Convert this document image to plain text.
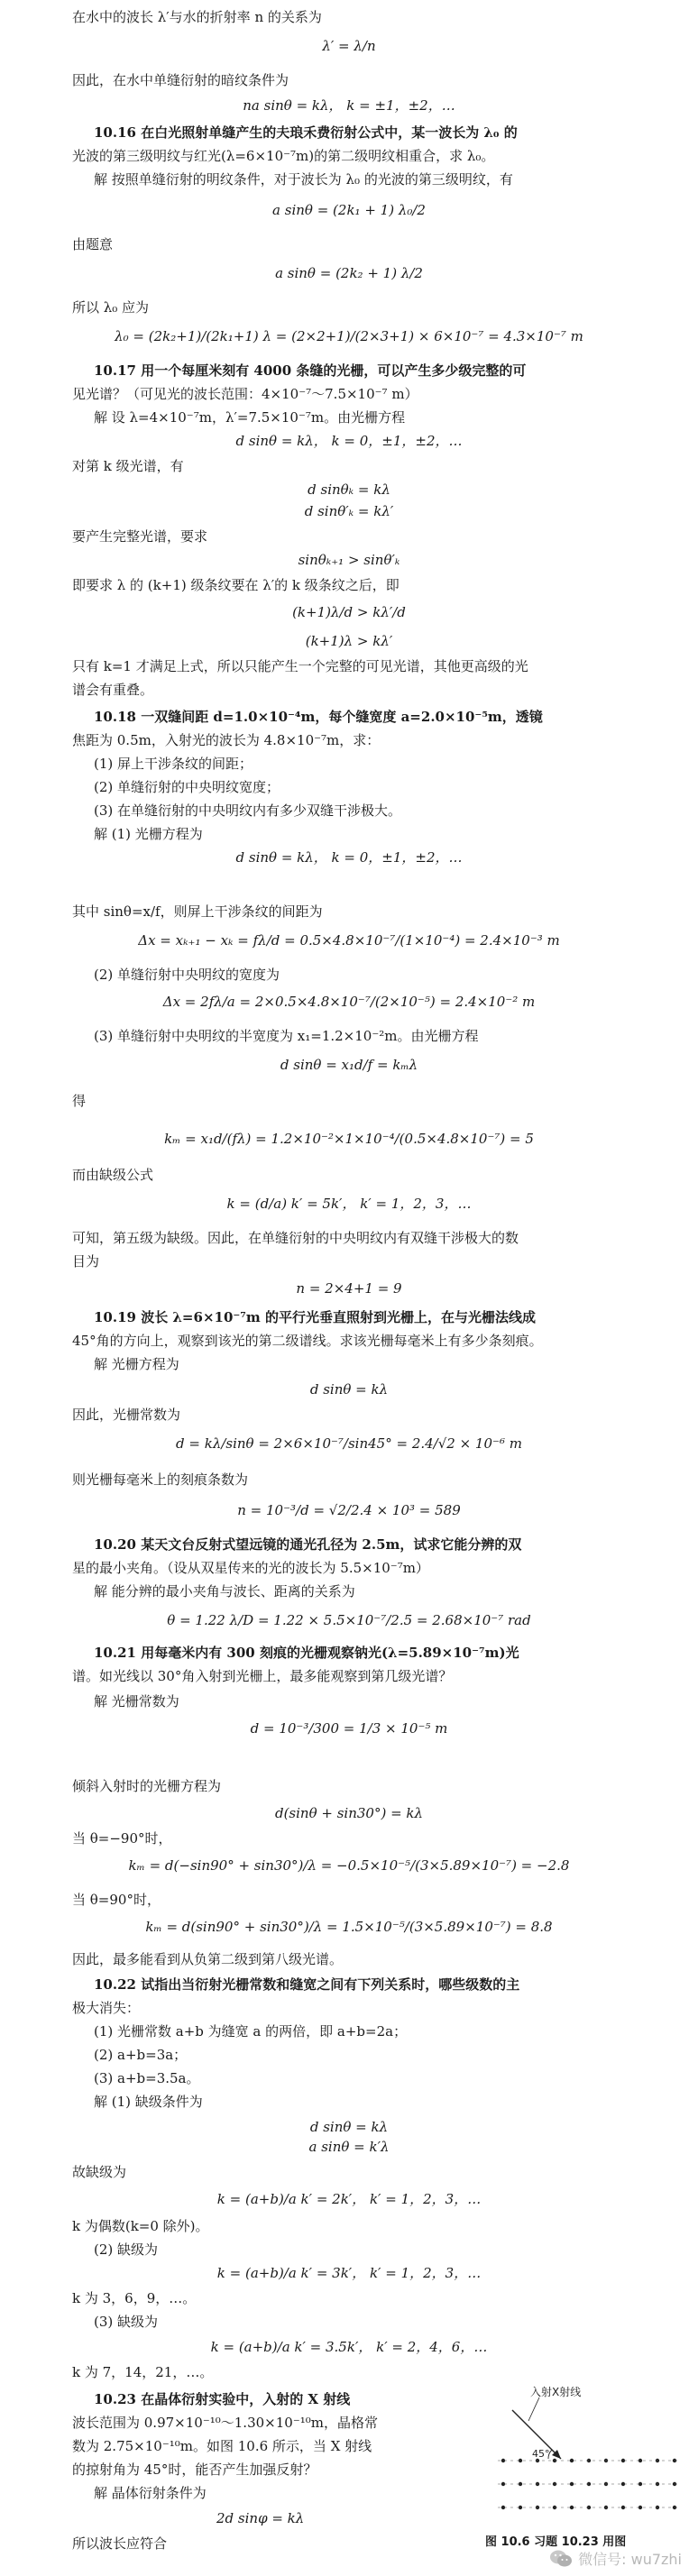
在水中的波长 λ′与水的折射率 n 的关系为
λ′ = λ/n
因此，在水中单缝衍射的暗纹条件为
na sinθ = kλ， k = ±1，±2，…
10.16 在白光照射单缝产生的夫琅禾费衍射公式中，某一波长为 λ₀ 的
光波的第三级明纹与红光(λ=6×10⁻⁷m)的第二级明纹相重合，求 λ₀。
解 按照单缝衍射的明纹条件，对于波长为 λ₀ 的光波的第三级明纹，有
a sinθ = (2k₁ + 1) λ₀/2
由题意
a sinθ = (2k₂ + 1) λ/2
所以 λ₀ 应为
λ₀ = (2k₂+1)/(2k₁+1) λ = (2×2+1)/(2×3+1) × 6×10⁻⁷ = 4.3×10⁻⁷ m
10.17 用一个每厘米刻有 4000 条缝的光栅，可以产生多少级完整的可
见光谱？（可见光的波长范围：4×10⁻⁷～7.5×10⁻⁷ m）
解 设 λ=4×10⁻⁷m，λ′=7.5×10⁻⁷m。由光栅方程
d sinθ = kλ， k = 0，±1，±2，…
对第 k 级光谱，有
d sinθₖ = kλ
d sinθ′ₖ = kλ′
要产生完整光谱，要求
sinθₖ₊₁ > sinθ′ₖ
即要求 λ 的 (k+1) 级条纹要在 λ′的 k 级条纹之后，即
(k+1)λ/d > kλ′/d
(k+1)λ > kλ′
只有 k=1 才满足上式，所以只能产生一个完整的可见光谱，其他更高级的光
谱会有重叠。
10.18 一双缝间距 d=1.0×10⁻⁴m，每个缝宽度 a=2.0×10⁻⁵m，透镜
焦距为 0.5m，入射光的波长为 4.8×10⁻⁷m，求：
(1) 屏上干涉条纹的间距；
(2) 单缝衍射的中央明纹宽度；
(3) 在单缝衍射的中央明纹内有多少双缝干涉极大。
解 (1) 光栅方程为
d sinθ = kλ， k = 0，±1，±2，…
其中 sinθ=x/f，则屏上干涉条纹的间距为
Δx = xₖ₊₁ − xₖ = fλ/d = 0.5×4.8×10⁻⁷/(1×10⁻⁴) = 2.4×10⁻³ m
(2) 单缝衍射中央明纹的宽度为
Δx = 2fλ/a = 2×0.5×4.8×10⁻⁷/(2×10⁻⁵) = 2.4×10⁻² m
(3) 单缝衍射中央明纹的半宽度为 x₁=1.2×10⁻²m。由光栅方程
d sinθ = x₁d/f = kₘλ
得
kₘ = x₁d/(fλ) = 1.2×10⁻²×1×10⁻⁴/(0.5×4.8×10⁻⁷) = 5
而由缺级公式
k = (d/a) k′ = 5k′， k′ = 1，2，3，…
可知，第五级为缺级。因此，在单缝衍射的中央明纹内有双缝干涉极大的数
目为
n = 2×4+1 = 9
10.19 波长 λ=6×10⁻⁷m 的平行光垂直照射到光栅上，在与光栅法线成
45°角的方向上，观察到该光的第二级谱线。求该光栅每毫米上有多少条刻痕。
解 光栅方程为
d sinθ = kλ
因此，光栅常数为
d = kλ/sinθ = 2×6×10⁻⁷/sin45° = 2.4/√2 × 10⁻⁶ m
则光栅每毫米上的刻痕条数为
n = 10⁻³/d = √2/2.4 × 10³ = 589
10.20 某天文台反射式望远镜的通光孔径为 2.5m，试求它能分辨的双
星的最小夹角。（设从双星传来的光的波长为 5.5×10⁻⁷m）
解 能分辨的最小夹角与波长、距离的关系为
θ = 1.22 λ/D = 1.22 × 5.5×10⁻⁷/2.5 = 2.68×10⁻⁷ rad
10.21 用每毫米内有 300 刻痕的光栅观察钠光(λ=5.89×10⁻⁷m)光
谱。如光线以 30°角入射到光栅上，最多能观察到第几级光谱？
解 光栅常数为
d = 10⁻³/300 = 1/3 × 10⁻⁵ m
倾斜入射时的光栅方程为
d(sinθ + sin30°) = kλ
当 θ=−90°时，
kₘ = d(−sin90° + sin30°)/λ = −0.5×10⁻⁵/(3×5.89×10⁻⁷) = −2.8
当 θ=90°时，
kₘ = d(sin90° + sin30°)/λ = 1.5×10⁻⁵/(3×5.89×10⁻⁷) = 8.8
因此，最多能看到从负第二级到第八级光谱。
10.22 试指出当衍射光栅常数和缝宽之间有下列关系时，哪些级数的主
极大消失：
(1) 光栅常数 a+b 为缝宽 a 的两倍，即 a+b=2a；
(2) a+b=3a；
(3) a+b=3.5a。
解 (1) 缺级条件为
d sinθ = kλ
a sinθ = k′λ
故缺级为
k = (a+b)/a k′ = 2k′， k′ = 1，2，3，…
k 为偶数(k=0 除外)。
(2) 缺级为
k = (a+b)/a k′ = 3k′， k′ = 1，2，3，…
k 为 3，6，9，…。
(3) 缺级为
k = (a+b)/a k′ = 3.5k′， k′ = 2，4，6，…
k 为 7，14，21，…。
10.23 在晶体衍射实验中，入射的 X 射线
波长范围为 0.97×10⁻¹⁰～1.30×10⁻¹⁰m，晶格常
数为 2.75×10⁻¹⁰m。如图 10.6 所示，当 X 射线
的掠射角为 45°时，能否产生加强反射？
解 晶体衍射条件为
2d sinφ = kλ
所以波长应符合
45°
入射X射线
图 10.6 习题 10.23 用图
微信号: wu7zhi
